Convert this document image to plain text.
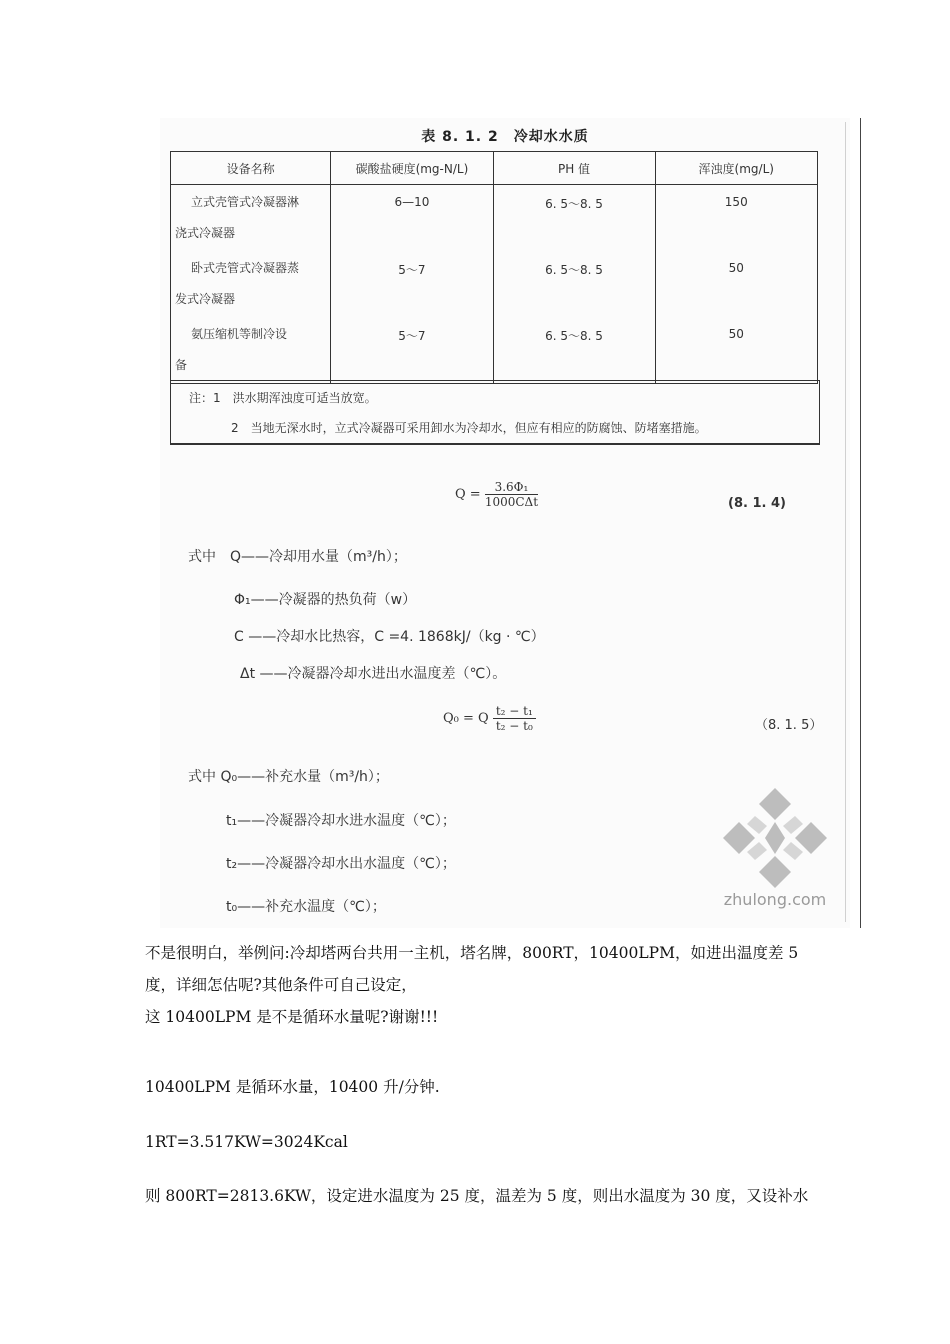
表 8. 1. 2　冷却水水质
设备名称	碳酸盐硬度(mg-N/L)	PH 值	浑浊度(mg/L)

立式壳管式冷凝器淋
浇式冷凝器	6—10	6. 5～8. 5	150

卧式壳管式冷凝器蒸
发式冷凝器	5～7	6. 5～8. 5	50

氨压缩机等制冷设
备	5～7	6. 5～8. 5	50
注：1　洪水期浑浊度可适当放宽。
2　当地无深水时，立式冷凝器可采用卸水为冷却水，但应有相应的防腐蚀、防堵塞措施。
$Q = \frac{\text{3.6Φ₁}}{\text{1000CΔt}}$	(8. 1. 4)
式中　Q——冷却用水量（m³/h）；
Φ₁——冷凝器的热负荷（w）
C ——冷却水比热容，C =4. 1868kJ/（kg · ℃）
Δt ——冷凝器冷却水进出水温度差（℃）。
Q₀ = Q $\frac{\text{t₂ − t₁}}{\text{t₂ − t₀}}$	（8. 1. 5）
式中 Q₀——补充水量（m³/h）；
t₁——冷凝器冷却水进水温度（℃）；
t₂——冷凝器冷却水出水温度（℃）；
t₀——补充水温度（℃）；	zhulong.com
不是很明白，举例问:冷却塔两台共用一主机，塔名牌，800RT，10400LPM，如进出温度差 5
度，详细怎估呢?其他条件可自己设定，
这 10400LPM 是不是循环水量呢?谢谢!!!
10400LPM 是循环水量，10400 升/分钟.
1RT=3.517KW=3024Kcal
则 800RT=2813.6KW，设定进水温度为 25 度，温差为 5 度，则出水温度为 30 度，又设补水
